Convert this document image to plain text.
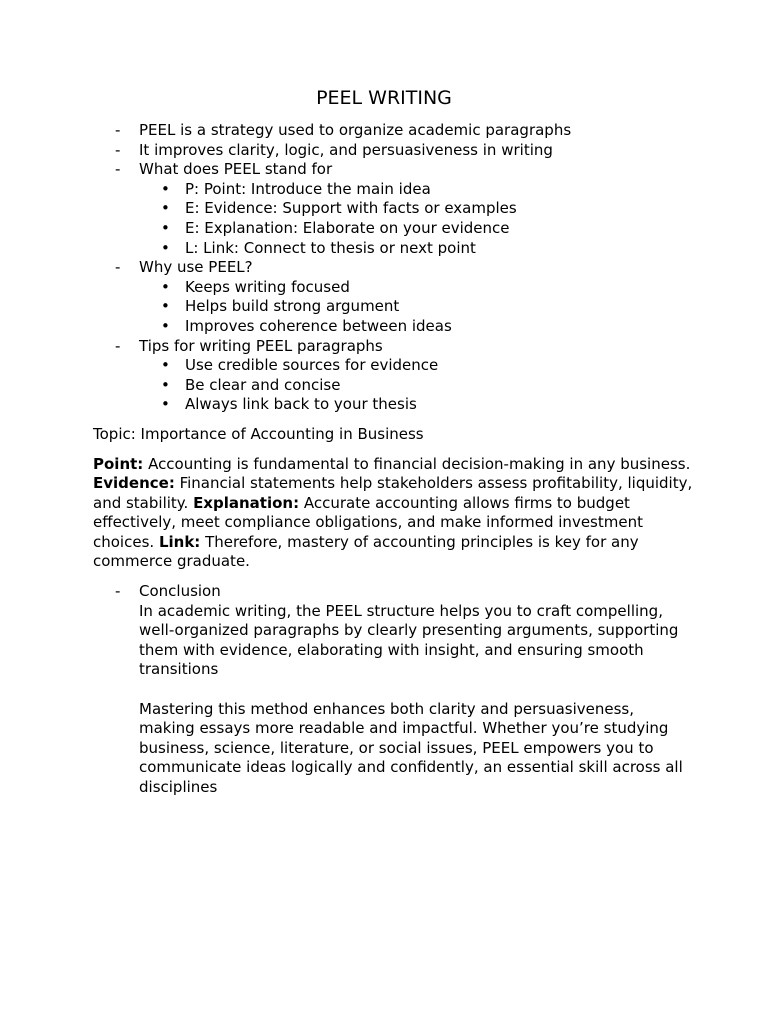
PEEL WRITING
- PEEL is a strategy used to organize academic paragraphs
- It improves clarity, logic, and persuasiveness in writing
- What does PEEL stand for
• P: Point: Introduce the main idea
• E: Evidence: Support with facts or examples
• E: Explanation: Elaborate on your evidence
• L: Link: Connect to thesis or next point
- Why use PEEL?
• Keeps writing focused
• Helps build strong argument
• Improves coherence between ideas
- Tips for writing PEEL paragraphs
• Use credible sources for evidence
• Be clear and concise
• Always link back to your thesis
Topic: Importance of Accounting in Business
Point: Accounting is fundamental to financial decision-making in any business. Evidence: Financial statements help stakeholders assess profitability, liquidity, and stability. Explanation: Accurate accounting allows firms to budget effectively, meet compliance obligations, and make informed investment choices. Link: Therefore, mastery of accounting principles is key for any commerce graduate.
- Conclusion
In academic writing, the PEEL structure helps you to craft compelling, well-organized paragraphs by clearly presenting arguments, supporting them with evidence, elaborating with insight, and ensuring smooth transitions
Mastering this method enhances both clarity and persuasiveness, making essays more readable and impactful. Whether you’re studying business, science, literature, or social issues, PEEL empowers you to communicate ideas logically and confidently, an essential skill across all disciplines
